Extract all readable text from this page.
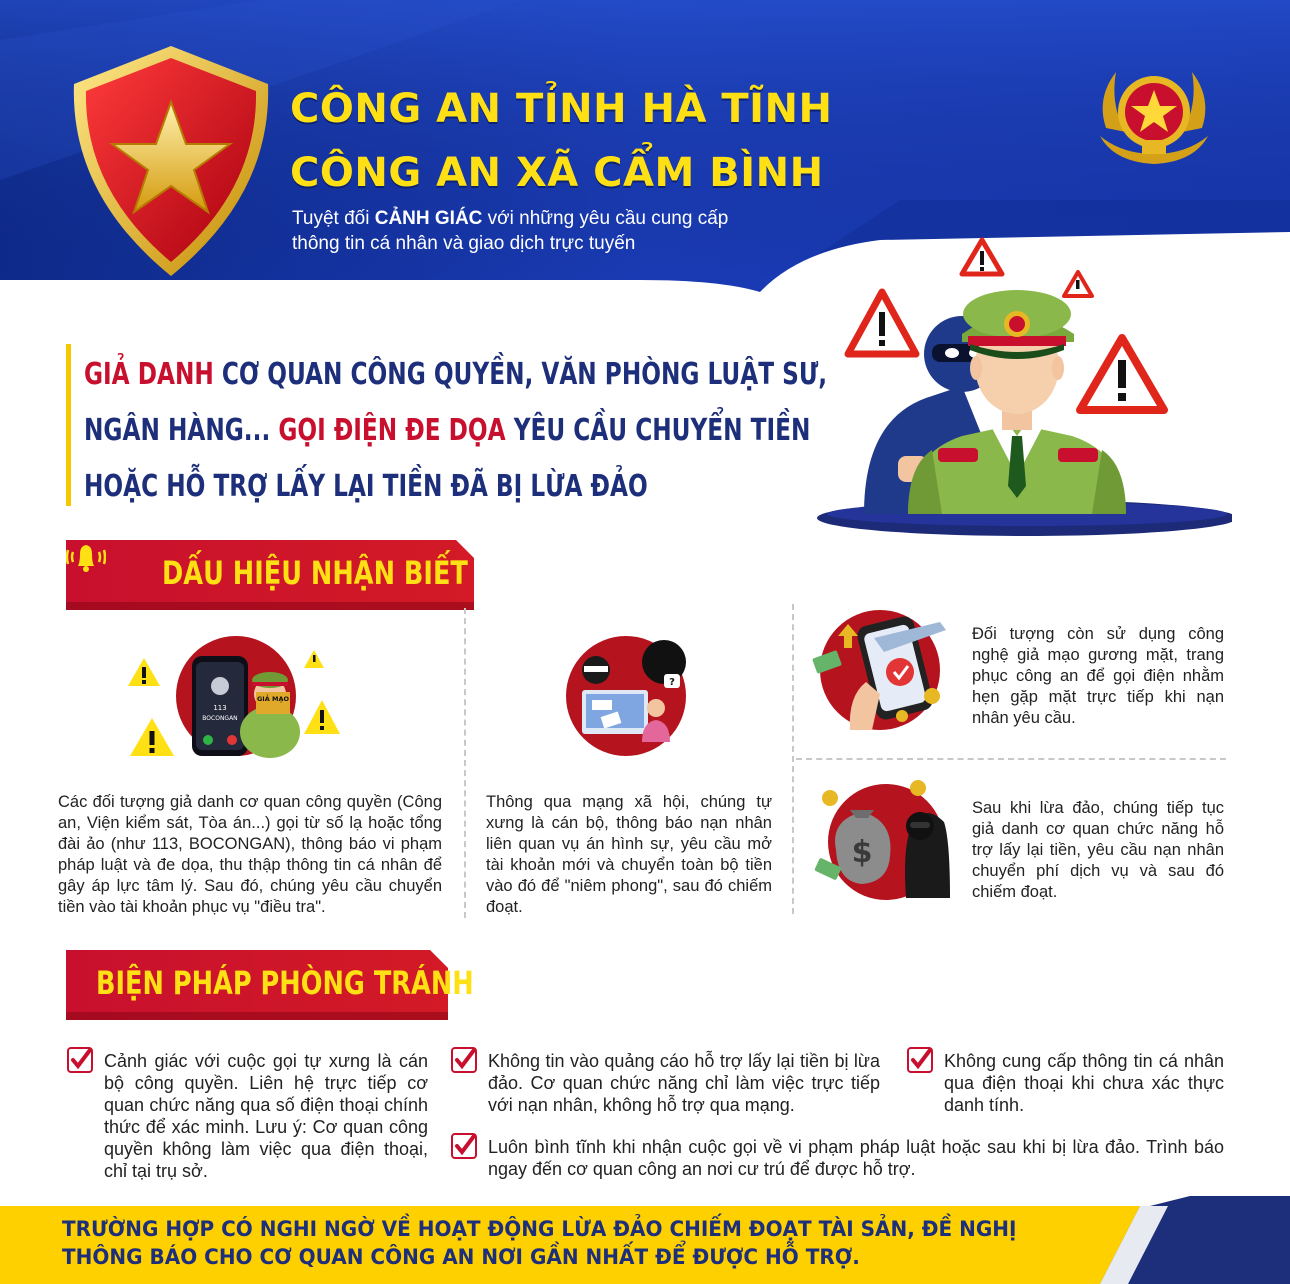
CÔNG AN TỈNH HÀ TĨNH
CÔNG AN XÃ CẨM BÌNH
Tuyệt đối CẢNH GIÁC với những yêu cầu cung cấp thông tin cá nhân và giao dịch trực tuyến
GIẢ DANH CƠ QUAN CÔNG QUYỀN, VĂN PHÒNG LUẬT SƯ,
NGÂN HÀNG... GỌI ĐIỆN ĐE DỌA YÊU CẦU CHUYỂN TIỀN
HOẶC HỖ TRỢ LẤY LẠI TIỀN ĐÃ BỊ LỪA ĐẢO
DẤU HIỆU NHẬN BIẾT
113
BOCONGAN
GIẢ MẠO
?
$
Các đối tượng giả danh cơ quan công quyền (Công an, Viện kiểm sát, Tòa án...) gọi từ số lạ hoặc tổng đài ảo (như 113, BOCONGAN), thông báo vi phạm pháp luật và đe dọa, thu thập thông tin cá nhân để gây áp lực tâm lý. Sau đó, chúng yêu cầu chuyển tiền vào tài khoản phục vụ "điều tra".
Thông qua mạng xã hội, chúng tự xưng là cán bộ, thông báo nạn nhân liên quan vụ án hình sự, yêu cầu mở tài khoản mới và chuyển toàn bộ tiền vào đó để "niêm phong", sau đó chiếm đoạt.
Đối tượng còn sử dụng công nghệ giả mạo gương mặt, trang phục công an để gọi điện nhằm hẹn gặp mặt trực tiếp khi nạn nhân yêu cầu.
Sau khi lừa đảo, chúng tiếp tục giả danh cơ quan chức năng hỗ trợ lấy lại tiền, yêu cầu nạn nhân chuyển phí dịch vụ và sau đó chiếm đoạt.
BIỆN PHÁP PHÒNG TRÁNH
Cảnh giác với cuộc gọi tự xưng là cán bộ công quyền. Liên hệ trực tiếp cơ quan chức năng qua số điện thoại chính thức để xác minh. Lưu ý: Cơ quan công quyền không làm việc qua điện thoại, chỉ tại trụ sở.
Không tin vào quảng cáo hỗ trợ lấy lại tiền bị lừa đảo. Cơ quan chức năng chỉ làm việc trực tiếp với nạn nhân, không hỗ trợ qua mạng.
Không cung cấp thông tin cá nhân qua điện thoại khi chưa xác thực danh tính.
Luôn bình tĩnh khi nhận cuộc gọi về vi phạm pháp luật hoặc sau khi bị lừa đảo. Trình báo ngay đến cơ quan công an nơi cư trú để được hỗ trợ.
TRƯỜNG HỢP CÓ NGHI NGỜ VỀ HOẠT ĐỘNG LỪA ĐẢO CHIẾM ĐOẠT TÀI SẢN, ĐỀ NGHỊ THÔNG BÁO CHO CƠ QUAN CÔNG AN NƠI GẦN NHẤT ĐỂ ĐƯỢC HỖ TRỢ.
